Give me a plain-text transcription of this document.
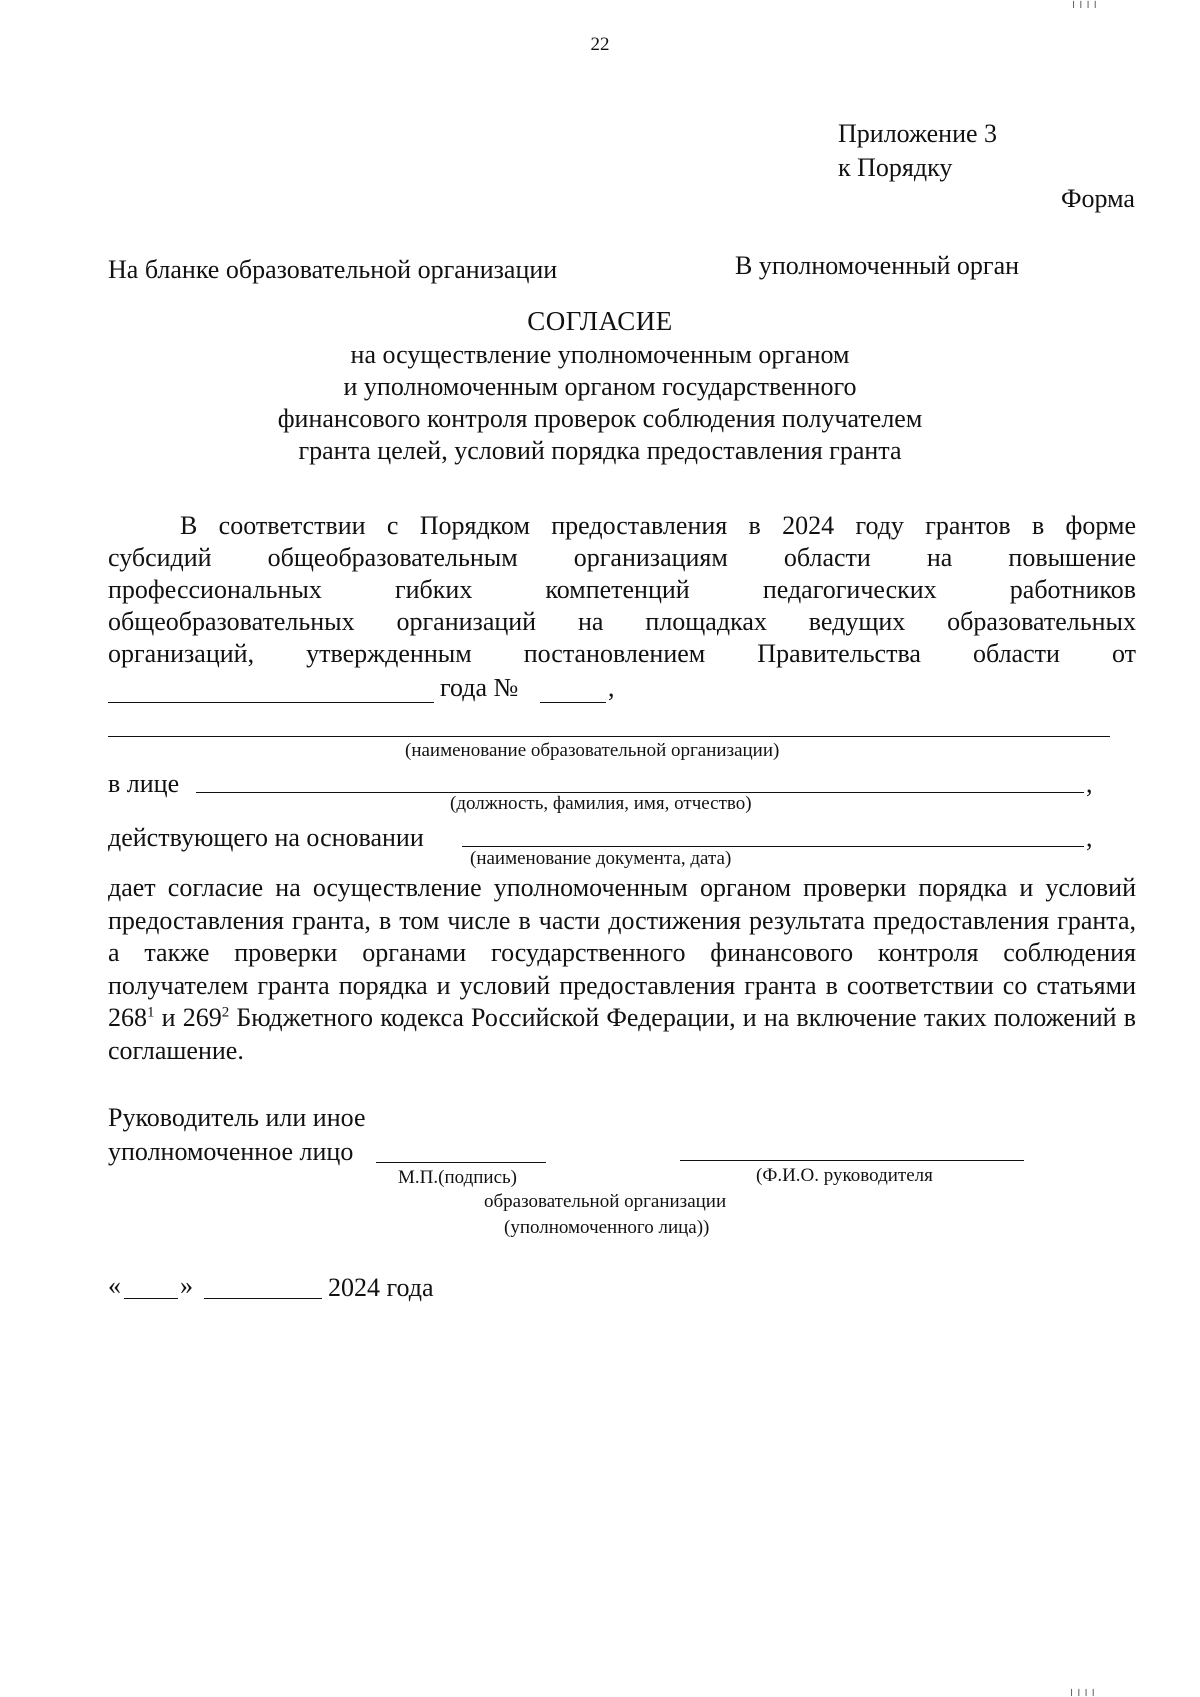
22
Приложение 3
к Порядку
Форма
На бланке образовательной организации	В уполномоченный орган
СОГЛАСИЕ
на осуществление уполномоченным органом
и уполномоченным органом государственного
финансового контроля проверок соблюдения получателем
гранта целей, условий порядка предоставления гранта
В соответствии с Порядком предоставления в 2024 году грантов в форме
субсидий общеобразовательным организациям области на повышение
профессиональных гибких компетенций педагогических работников
общеобразовательных организаций на площадках ведущих образовательных
организаций, утвержденным постановлением Правительства области от
года №	,
(наименование образовательной организации)
в лице	,
(должность, фамилия, имя, отчество)
действующего на основании	,
(наименование документа, дата)
дает согласие на осуществление уполномоченным органом проверки порядка и условий предоставления гранта, в том числе в части достижения результата предоставления гранта, а также проверки органами государственного финансового контроля соблюдения получателем гранта порядка и условий предоставления гранта в соответствии со статьями $268^1$ и $269^2$ Бюджетного кодекса Российской Федерации, и на включение таких положений в соглашение.
Руководитель или иное
уполномоченное лицо
М.П.(подпись)	(Ф.И.О. руководителя
образовательной организации
(уполномоченного лица))
« »	2024 года
╷╷╷╷
╷╷╷╷
